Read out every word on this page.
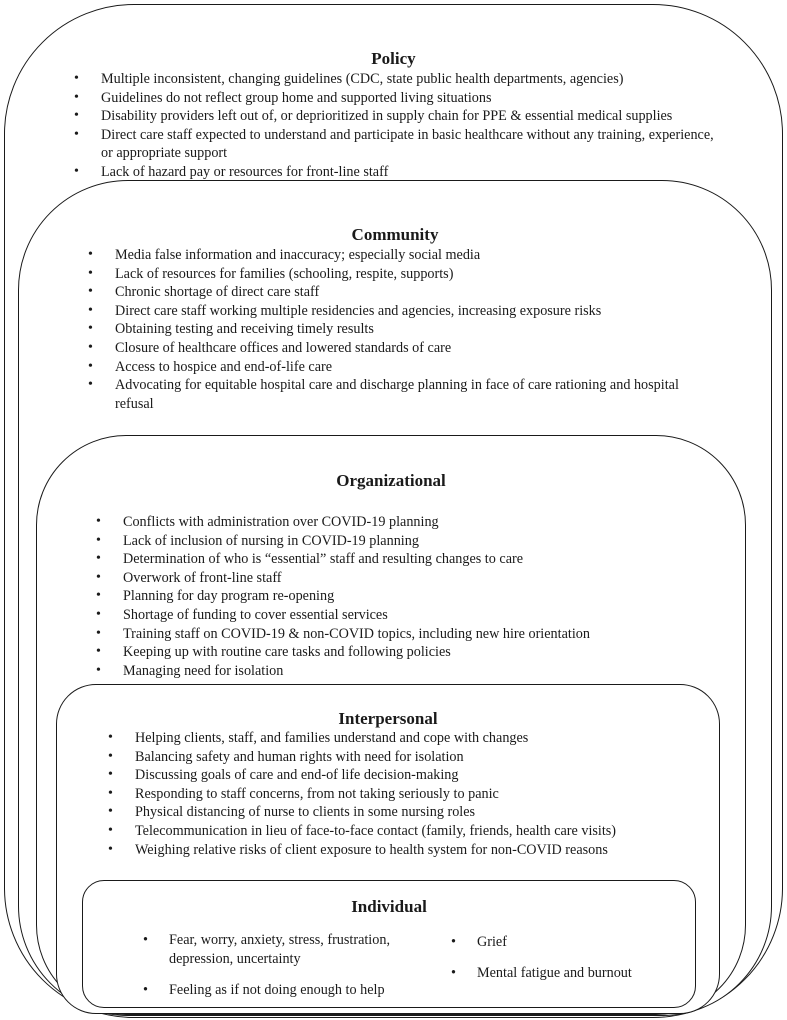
Policy
• Multiple inconsistent, changing guidelines (CDC, state public health departments, agencies)
• Guidelines do not reflect group home and supported living situations
• Disability providers left out of, or deprioritized in supply chain for PPE & essential medical supplies
• Direct care staff expected to understand and participate in basic healthcare without any training, experience, or appropriate support
• Lack of hazard pay or resources for front-line staff
Community
• Media false information and inaccuracy; especially social media
• Lack of resources for families (schooling, respite, supports)
• Chronic shortage of direct care staff
• Direct care staff working multiple residencies and agencies, increasing exposure risks
• Obtaining testing and receiving timely results
• Closure of healthcare offices and lowered standards of care
• Access to hospice and end-of-life care
• Advocating for equitable hospital care and discharge planning in face of care rationing and hospital refusal
Organizational
• Conflicts with administration over COVID-19 planning
• Lack of inclusion of nursing in COVID-19 planning
• Determination of who is “essential” staff and resulting changes to care
• Overwork of front-line staff
• Planning for day program re-opening
• Shortage of funding to cover essential services
• Training staff on COVID-19 & non-COVID topics, including new hire orientation
• Keeping up with routine care tasks and following policies
• Managing need for isolation
Interpersonal
• Helping clients, staff, and families understand and cope with changes
• Balancing safety and human rights with need for isolation
• Discussing goals of care and end-of life decision-making
• Responding to staff concerns, from not taking seriously to panic
• Physical distancing of nurse to clients in some nursing roles
• Telecommunication in lieu of face-to-face contact (family, friends, health care visits)
• Weighing relative risks of client exposure to health system for non-COVID reasons
Individual
• Fear, worry, anxiety, stress, frustration, depression, uncertainty
• Feeling as if not doing enough to help
• Grief
• Mental fatigue and burnout
